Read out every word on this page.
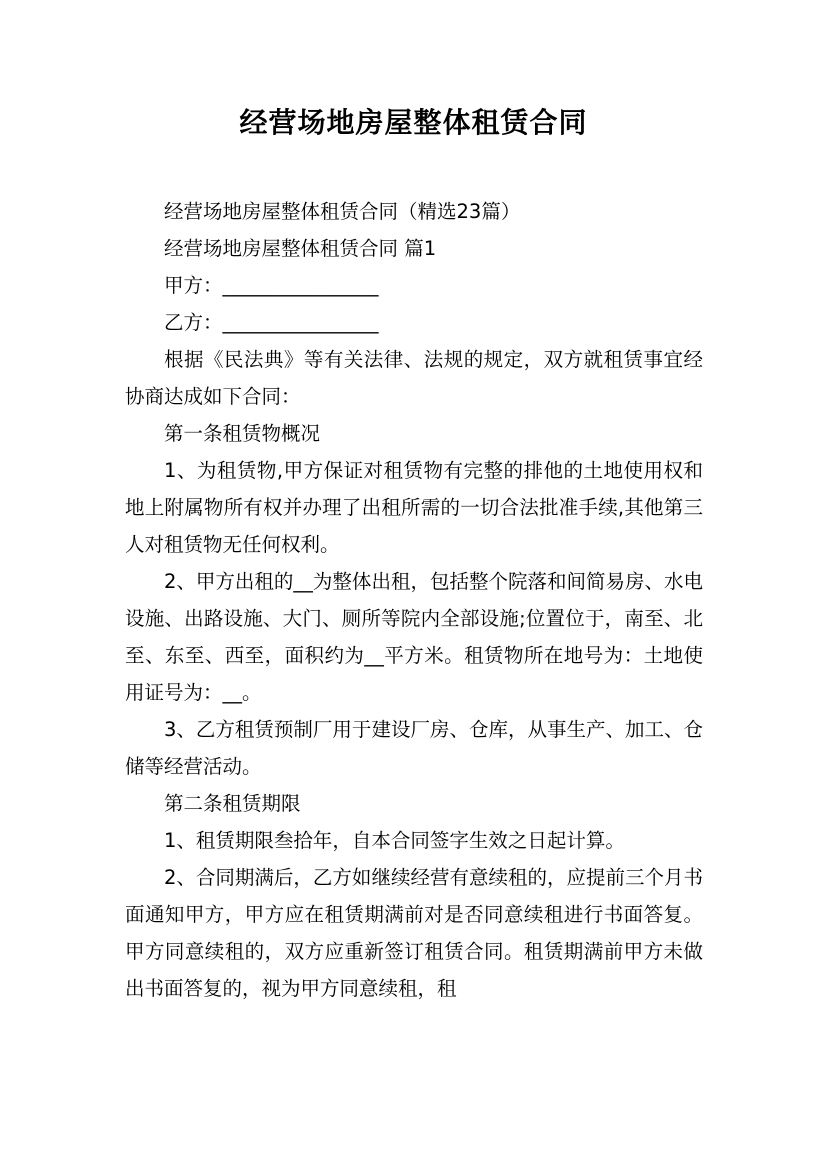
经营场地房屋整体租赁合同

经营场地房屋整体租赁合同（精选23篇）

经营场地房屋整体租赁合同 篇1

甲方：________________

乙方：________________

根据《民法典》等有关法律、法规的规定，双方就租赁事宜经协商达成如下合同：

第一条租赁物概况

1、为租赁物,甲方保证对租赁物有完整的排他的土地使用权和地上附属物所有权并办理了出租所需的一切合法批准手续,其他第三人对租赁物无任何权利。

2、甲方出租的__为整体出租，包括整个院落和间简易房、水电设施、出路设施、大门、厕所等院内全部设施;位置位于，南至、北至、东至、西至，面积约为__平方米。租赁物所在地号为：土地使用证号为：__。

3、乙方租赁预制厂用于建设厂房、仓库，从事生产、加工、仓储等经营活动。

第二条租赁期限

1、租赁期限叁拾年，自本合同签字生效之日起计算。

2、合同期满后，乙方如继续经营有意续租的，应提前三个月书面通知甲方，甲方应在租赁期满前对是否同意续租进行书面答复。甲方同意续租的，双方应重新签订租赁合同。租赁期满前甲方未做出书面答复的，视为甲方同意续租，租
